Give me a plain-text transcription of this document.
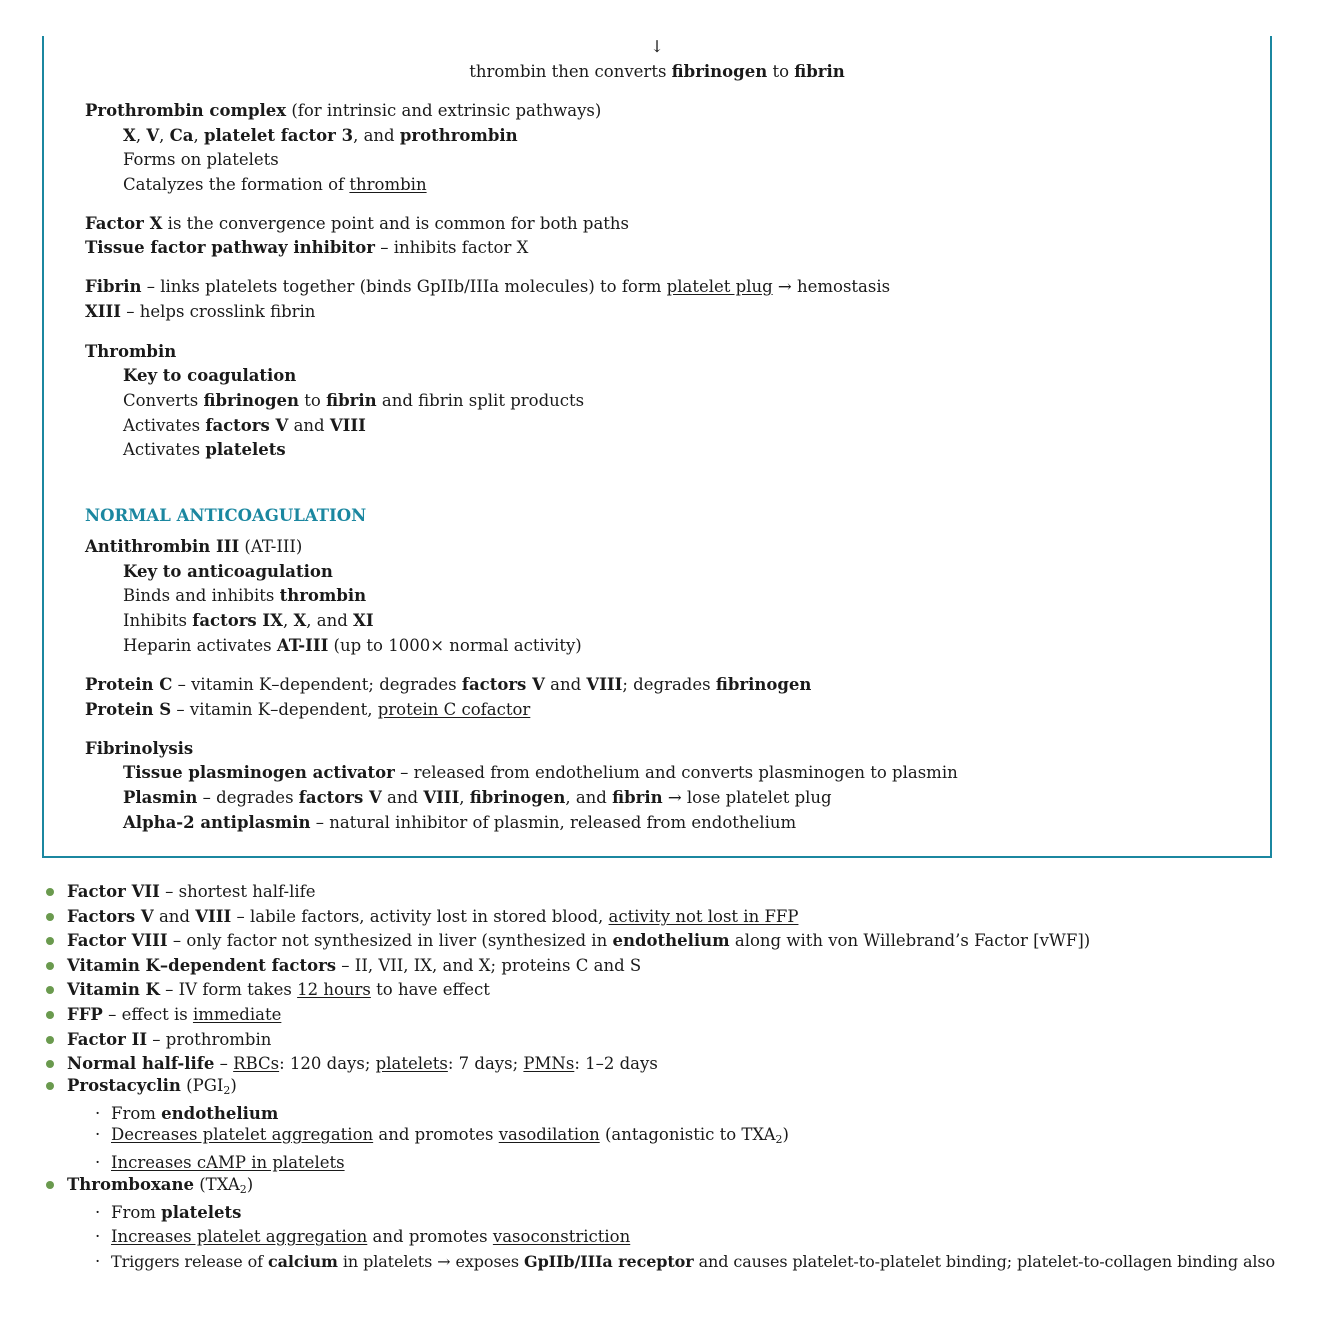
↓
thrombin then converts fibrinogen to fibrin
Prothrombin complex (for intrinsic and extrinsic pathways)
X, V, Ca, platelet factor 3, and prothrombin
Forms on platelets
Catalyzes the formation of thrombin
Factor X is the convergence point and is common for both paths
Tissue factor pathway inhibitor – inhibits factor X
Fibrin – links platelets together (binds GpIIb/IIIa molecules) to form platelet plug → hemostasis
XIII – helps crosslink fibrin
Thrombin
Key to coagulation
Converts fibrinogen to fibrin and fibrin split products
Activates factors V and VIII
Activates platelets
NORMAL ANTICOAGULATION
Antithrombin III (AT-III)
Key to anticoagulation
Binds and inhibits thrombin
Inhibits factors IX, X, and XI
Heparin activates AT-III (up to 1000× normal activity)
Protein C – vitamin K–dependent; degrades factors V and VIII; degrades fibrinogen
Protein S – vitamin K–dependent, protein C cofactor
Fibrinolysis
Tissue plasminogen activator – released from endothelium and converts plasminogen to plasmin
Plasmin – degrades factors V and VIII, fibrinogen, and fibrin → lose platelet plug
Alpha-2 antiplasmin – natural inhibitor of plasmin, released from endothelium
Factor VII – shortest half-life
Factors V and VIII – labile factors, activity lost in stored blood, activity not lost in FFP
Factor VIII – only factor not synthesized in liver (synthesized in endothelium along with von Willebrand’s Factor [vWF])
Vitamin K–dependent factors – II, VII, IX, and X; proteins C and S
Vitamin K – IV form takes 12 hours to have effect
FFP – effect is immediate
Factor II – prothrombin
Normal half-life – RBCs: 120 days; platelets: 7 days; PMNs: 1–2 days
Prostacyclin $(PGI_2)$
· From endothelium
· Decreases platelet aggregation and promotes vasodilation (antagonistic to $TXA_2$)
· Increases cAMP in platelets
Thromboxane $(TXA_2)$
· From platelets
· Increases platelet aggregation and promotes vasoconstriction
· Triggers release of calcium in platelets → exposes GpIIb/IIIa receptor and causes platelet-to-platelet binding; platelet-to-collagen binding also
